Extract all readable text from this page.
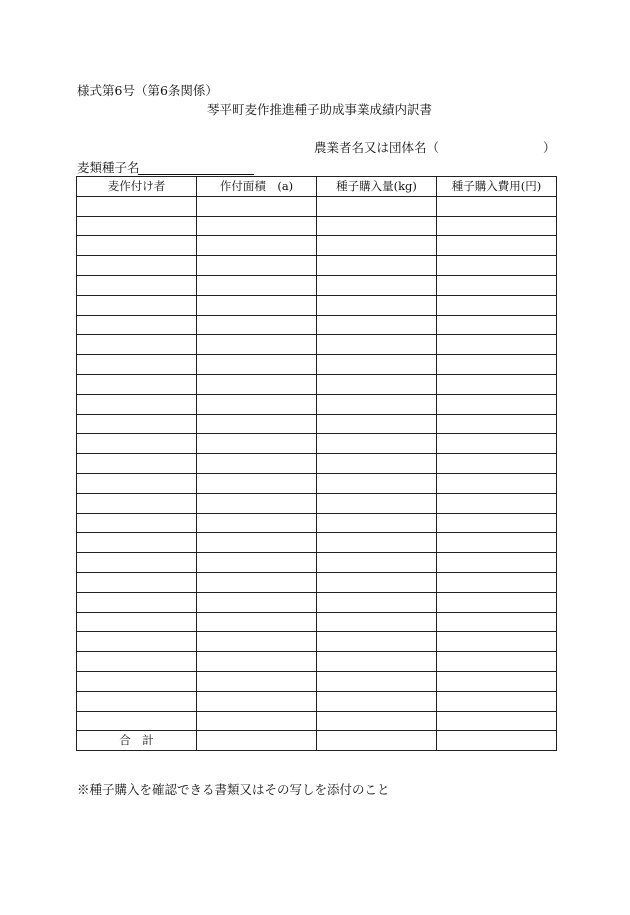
様式第6号（第6条関係）
琴平町麦作推進種子助成事業成績内訳書
農業者名又は団体名（	）
麦類種子名
麦作付け者	作付面積　(a)	種子購入量(kg)	種子購入費用(円)

合　計			
※種子購入を確認できる書類又はその写しを添付のこと
